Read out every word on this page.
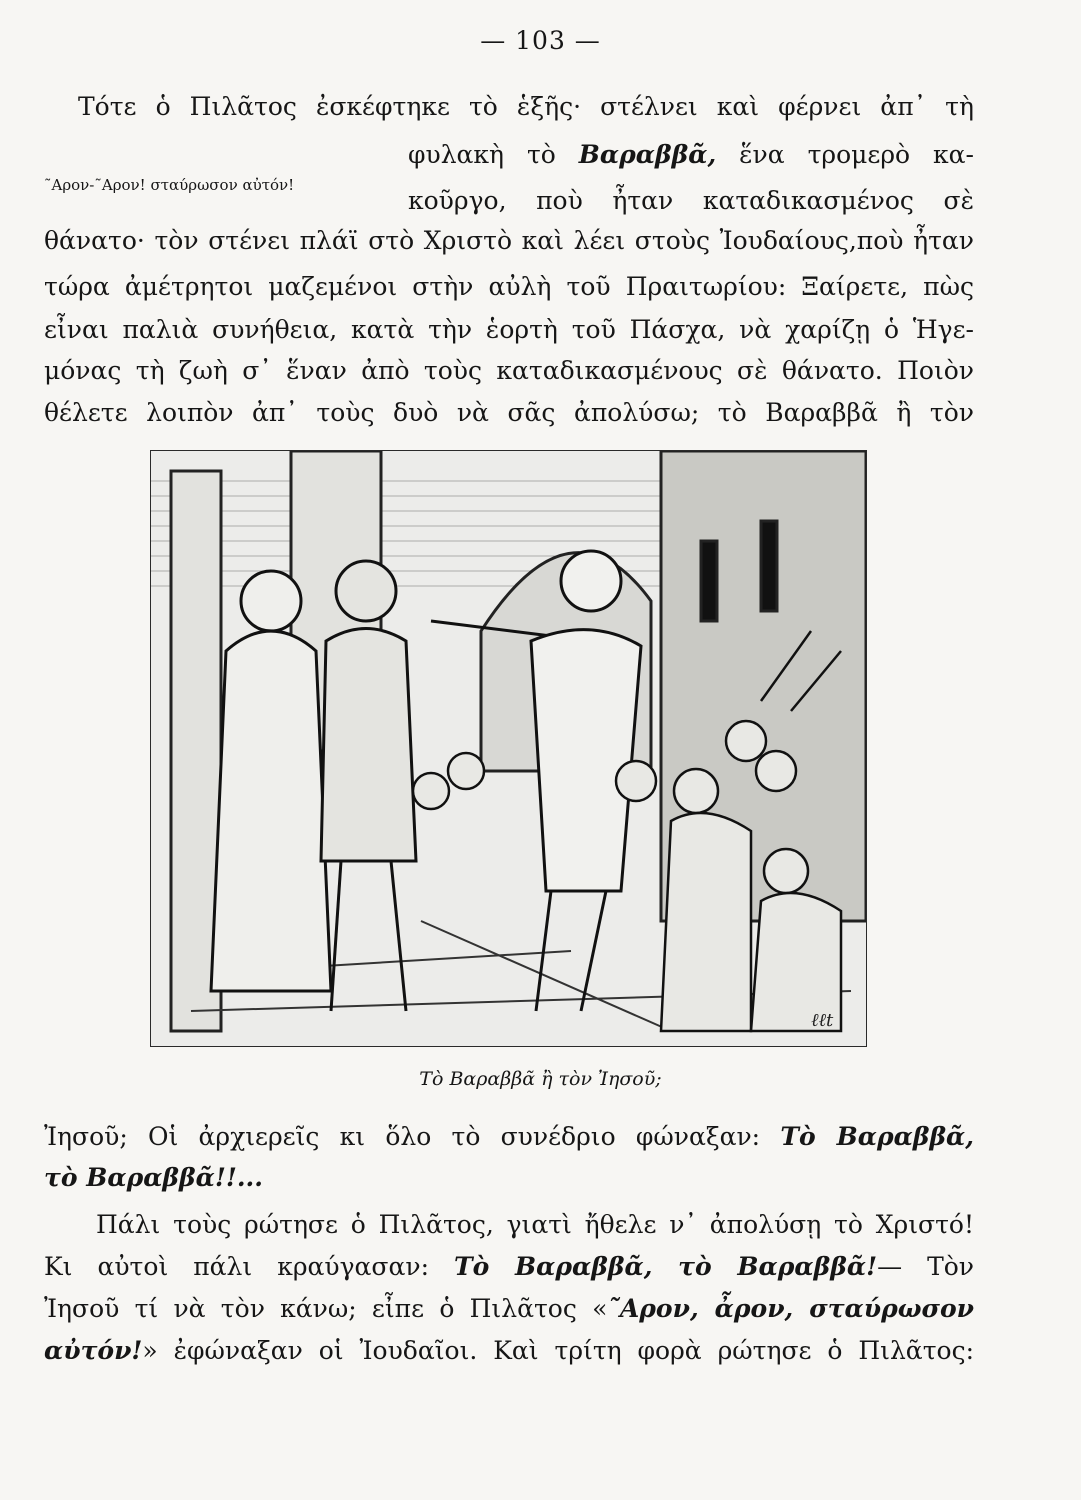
— 103 —
˜Αρον-˜Αρον! σταύρωσον αὐτόν!
Τότε ὁ Πιλᾶτος ἐσκέφτηκε τὸ ἑξῆς· στέλνει καὶ φέρνει ἀπ᾿ τὴ
φυλακὴ τὸ Βαραββᾶ, ἕνα τρομερὸ κα-
κοῦργο, ποὺ ἦταν καταδικασμένος σὲ
θάνατο· τὸν στένει πλάϊ στὸ Χριστὸ καὶ λέει στοὺς Ἰουδαίους,ποὺ ἦταν
τώρα ἀμέτρητοι μαζεμένοι στὴν αὐλὴ τοῦ Πραιτωρίου: Ξαίρετε, πὼς
εἶναι παλιὰ συνήθεια, κατὰ τὴν ἑορτὴ τοῦ Πάσχα, νὰ χαρίζῃ ὁ Ἡγε-
μόνας τὴ ζωὴ σ᾿ ἕναν ἀπὸ τοὺς καταδικασμένους σὲ θάνατο. Ποιὸν
θέλετε λοιπὸν ἀπ᾿ τοὺς δυὸ νὰ σᾶς ἀπολύσω; τὸ Βαραββᾶ ἢ τὸν
ℓℓt
Τὸ Βαραββᾶ ἢ τὸν Ἰησοῦ;
Ἰησοῦ; Οἱ ἀρχιερεῖς κι ὅλο τὸ συνέδριο φώναξαν: Τὸ Βαραββᾶ,
τὸ Βαραββᾶ!!...
Πάλι τοὺς ρώτησε ὁ Πιλᾶτος, γιατὶ ἤθελε ν᾿ ἀπολύσῃ τὸ Χριστό!
Κι αὐτοὶ πάλι κραύγασαν: Τὸ Βαραββᾶ, τὸ Βαραββᾶ!— Τὸν
Ἰησοῦ τί νὰ τὸν κάνω; εἶπε ὁ Πιλᾶτος «˜Αρον, ἆρον, σταύρωσον
αὐτόν!» ἐφώναξαν οἱ Ἰουδαῖοι. Καὶ τρίτη φορὰ ρώτησε ὁ Πιλᾶτος:
